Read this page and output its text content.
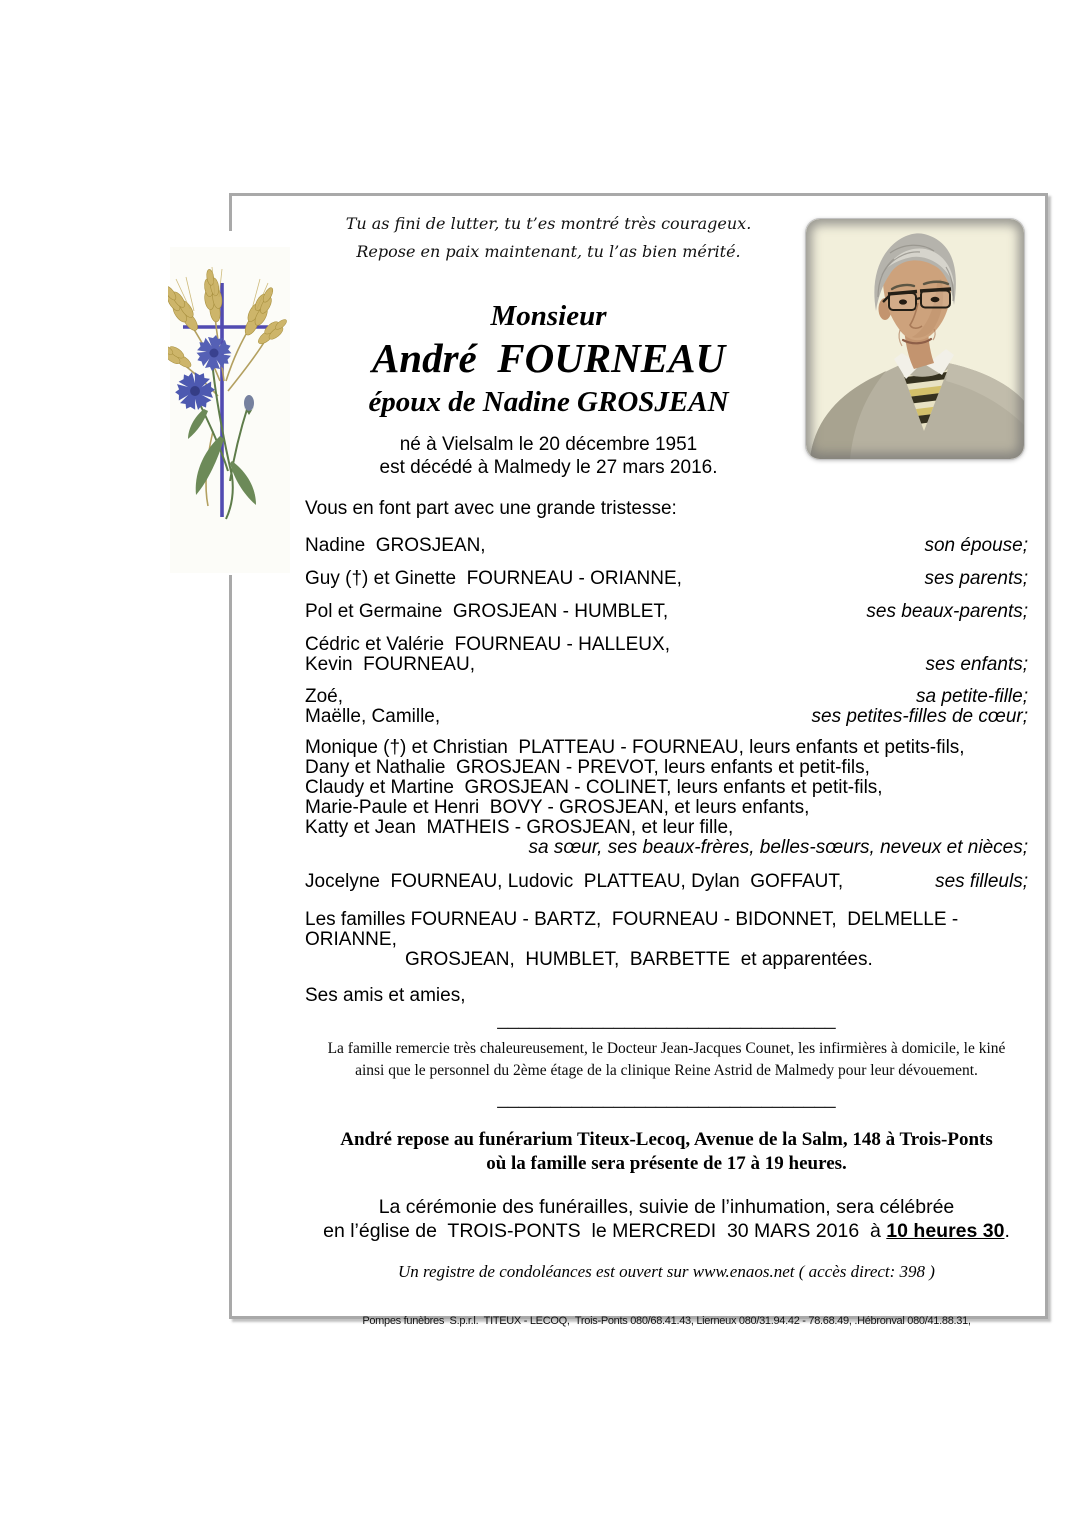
Tu as fini de lutter, tu t’es montré très courageux.
Repose en paix maintenant, tu l’as bien mérité.
Monsieur
André  FOURNEAU
époux de Nadine GROSJEAN
né à Vielsalm le 20 décembre 1951
est décédé à Malmedy le 27 mars 2016.
Vous en font part avec une grande tristesse:
Nadine  GROSJEAN,	son épouse;
Guy (†) et Ginette  FOURNEAU - ORIANNE,	ses parents;
Pol et Germaine  GROSJEAN - HUMBLET,	ses beaux-parents;
Cédric et Valérie  FOURNEAU - HALLEUX,
Kevin  FOURNEAU,	ses enfants;
Zoé,	sa petite-fille;
Maëlle, Camille,	ses petites-filles de cœur;
Monique (†) et Christian  PLATTEAU - FOURNEAU, leurs enfants et petits-fils,
Dany et Nathalie  GROSJEAN - PREVOT, leurs enfants et petit-fils,
Claudy et Martine  GROSJEAN - COLINET, leurs enfants et petit-fils,
Marie-Paule et Henri  BOVY - GROSJEAN, et leurs enfants,
Katty et Jean  MATHEIS - GROSJEAN, et leur fille,
sa sœur, ses beaux-frères, belles-sœurs, neveux et nièces;
Jocelyne  FOURNEAU, Ludovic  PLATTEAU, Dylan  GOFFAUT,	ses filleuls;
Les familles FOURNEAU - BARTZ,  FOURNEAU - BIDONNET,  DELMELLE - ORIANNE,
GROSJEAN,  HUMBLET,  BARBETTE  et apparentées.
Ses amis et amies,
________________________________
La famille remercie très chaleureusement, le Docteur Jean-Jacques Counet, les infirmières à domicile, le kiné
ainsi que le personnel du 2ème étage de la clinique Reine Astrid de Malmedy pour leur dévouement.
________________________________
André repose au funérarium Titeux-Lecoq, Avenue de la Salm, 148 à Trois-Ponts
où la famille sera présente de 17 à 19 heures.
La cérémonie des funérailles, suivie de l’inhumation, sera célébrée
en l’église de  TROIS-PONTS  le MERCREDI  30 MARS 2016  à 10 heures 30.
Un registre de condoléances est ouvert sur www.enaos.net ( accès direct: 398 )
Pompes funèbres  S.p.r.l.  TITEUX - LECOQ,  Trois-Ponts 080/68.41.43, Lierneux 080/31.94.42 - 78.68.49, .Hébronval 080/41.88.31,
